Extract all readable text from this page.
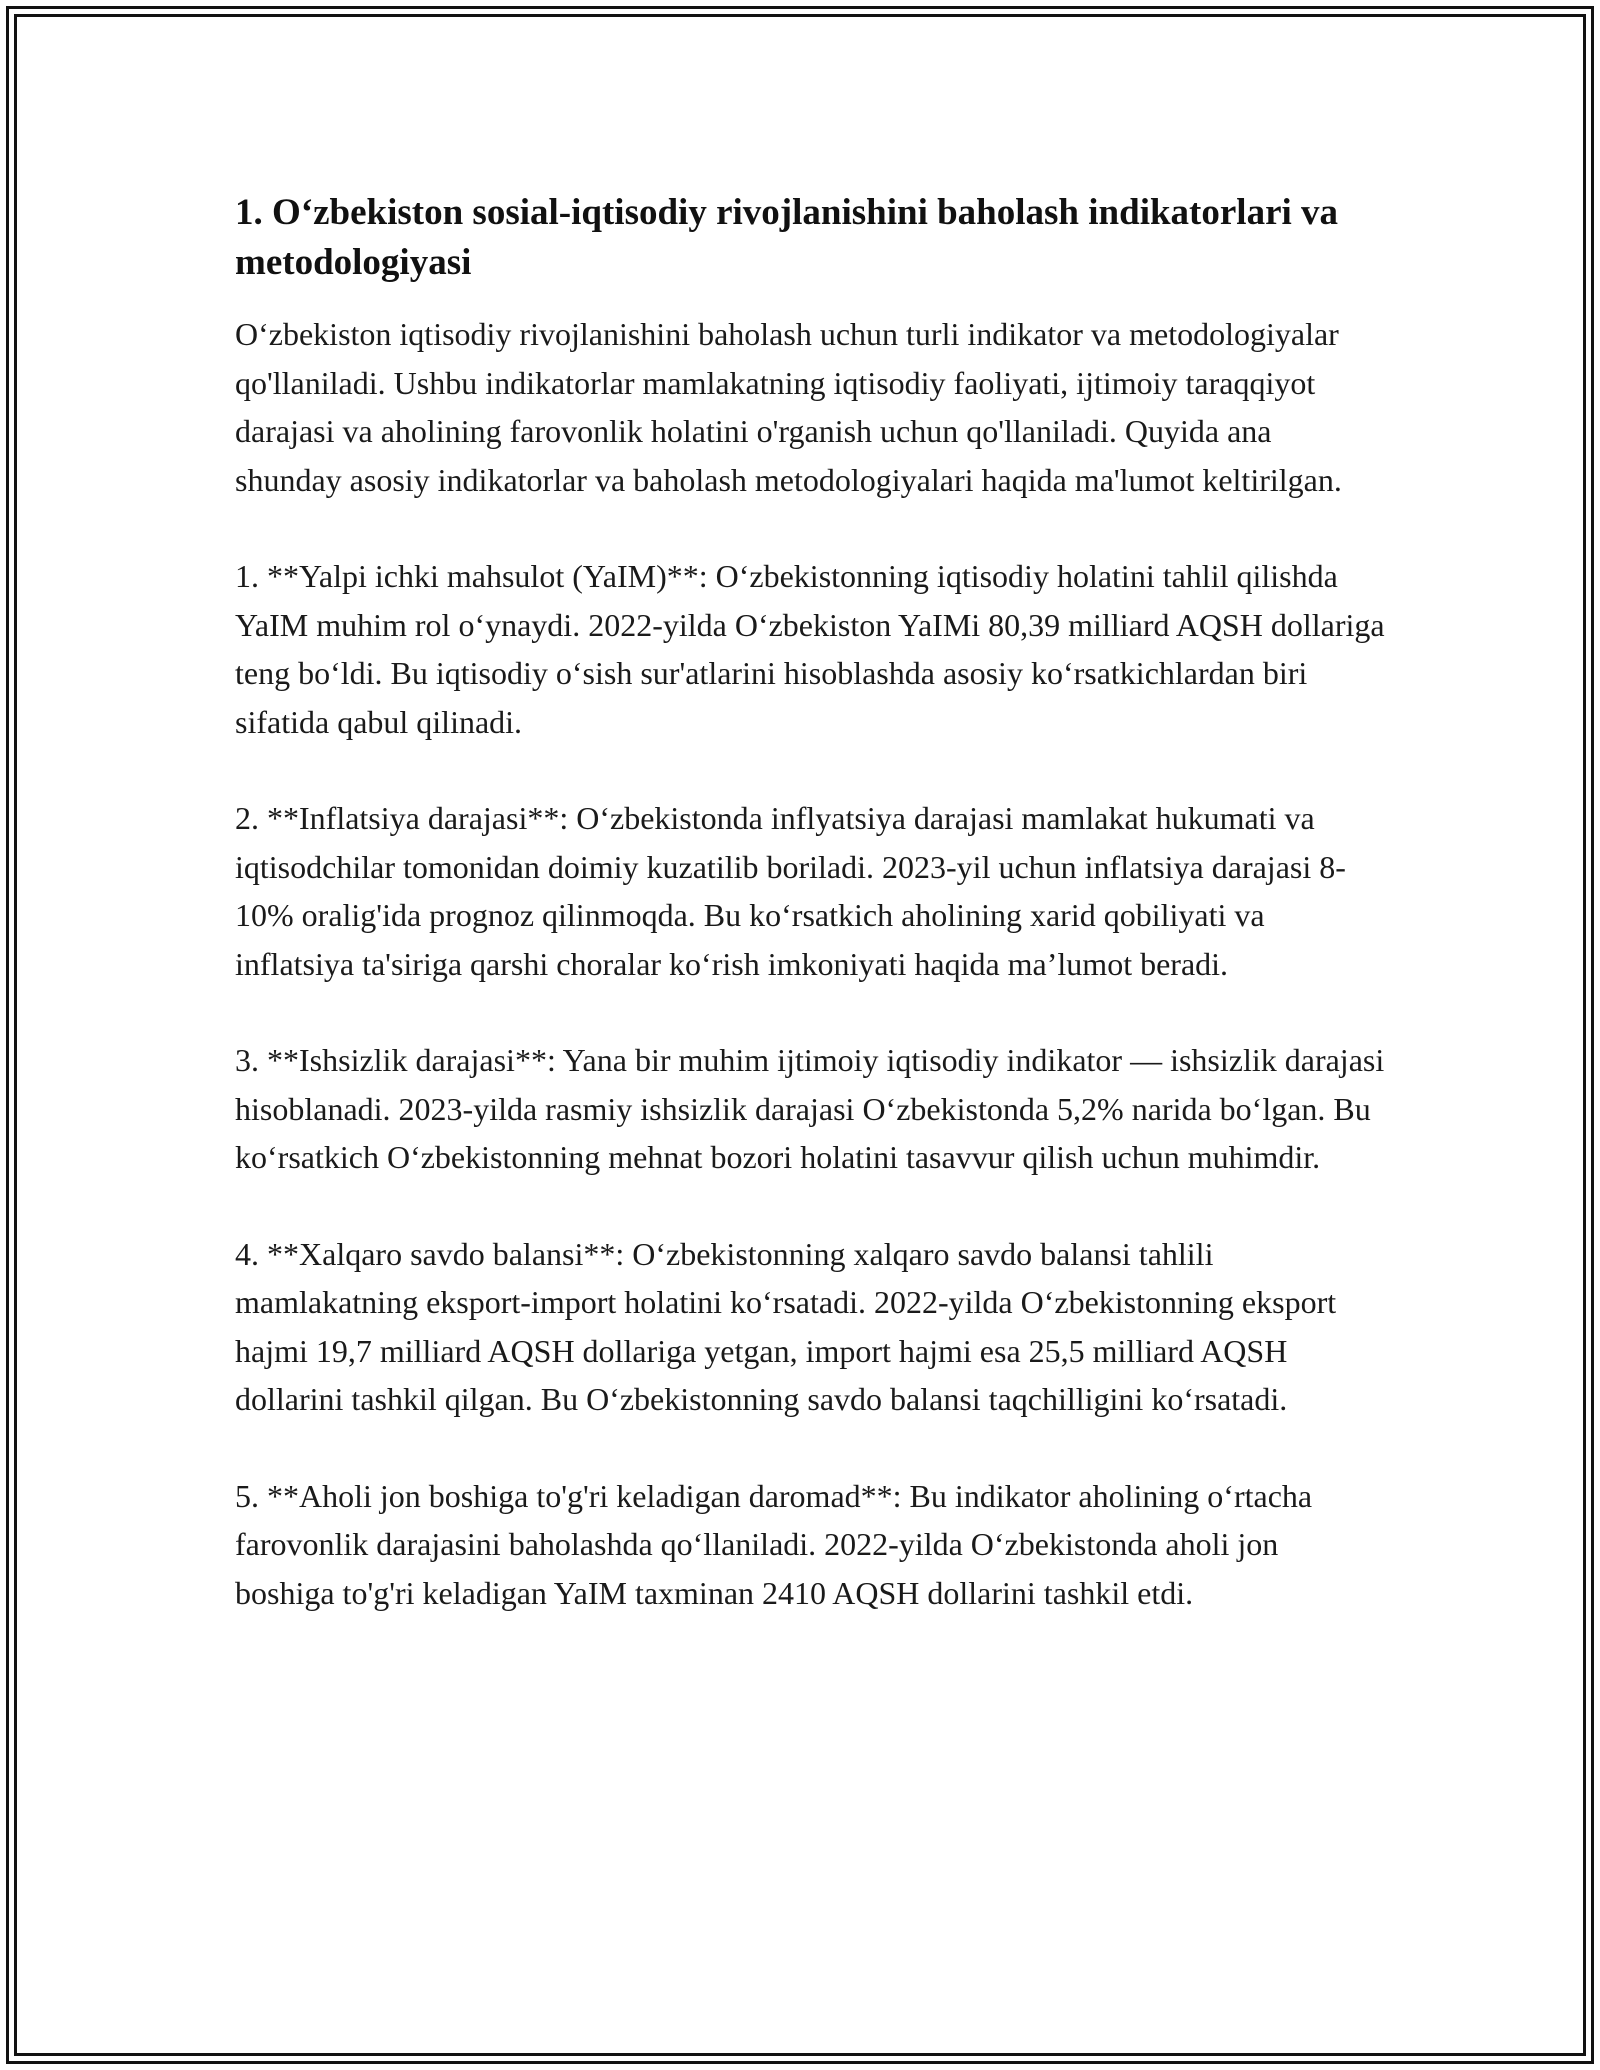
1. O‘zbekiston sosial-iqtisodiy rivojlanishini baholash indikatorlari va metodologiyasi

O‘zbekiston iqtisodiy rivojlanishini baholash uchun turli indikator va metodologiyalar qo'llaniladi. Ushbu indikatorlar mamlakatning iqtisodiy faoliyati, ijtimoiy taraqqiyot darajasi va aholining farovonlik holatini o'rganish uchun qo'llaniladi. Quyida ana shunday asosiy indikatorlar va baholash metodologiyalari haqida ma'lumot keltirilgan.

1. **Yalpi ichki mahsulot (YaIM)**: O‘zbekistonning iqtisodiy holatini tahlil qilishda YaIM muhim rol o‘ynaydi. 2022-yilda O‘zbekiston YaIMi 80,39 milliard AQSH dollariga teng bo‘ldi. Bu iqtisodiy o‘sish sur'atlarini hisoblashda asosiy ko‘rsatkichlardan biri sifatida qabul qilinadi.

2. **Inflatsiya darajasi**: O‘zbekistonda inflyatsiya darajasi mamlakat hukumati va iqtisodchilar tomonidan doimiy kuzatilib boriladi. 2023-yil uchun inflatsiya darajasi 8-10% oralig'ida prognoz qilinmoqda. Bu ko‘rsatkich aholining xarid qobiliyati va inflatsiya ta'siriga qarshi choralar ko‘rish imkoniyati haqida ma’lumot beradi.

3. **Ishsizlik darajasi**: Yana bir muhim ijtimoiy iqtisodiy indikator — ishsizlik darajasi hisoblanadi. 2023-yilda rasmiy ishsizlik darajasi O‘zbekistonda 5,2% narida bo‘lgan. Bu ko‘rsatkich O‘zbekistonning mehnat bozori holatini tasavvur qilish uchun muhimdir.

4. **Xalqaro savdo balansi**: O‘zbekistonning xalqaro savdo balansi tahlili mamlakatning eksport-import holatini ko‘rsatadi. 2022-yilda O‘zbekistonning eksport hajmi 19,7 milliard AQSH dollariga yetgan, import hajmi esa 25,5 milliard AQSH dollarini tashkil qilgan. Bu O‘zbekistonning savdo balansi taqchilligini ko‘rsatadi.

5. **Aholi jon boshiga to'g'ri keladigan daromad**: Bu indikator aholining o‘rtacha farovonlik darajasini baholashda qo‘llaniladi. 2022-yilda O‘zbekistonda aholi jon boshiga to'g'ri keladigan YaIM taxminan 2410 AQSH dollarini tashkil etdi.
